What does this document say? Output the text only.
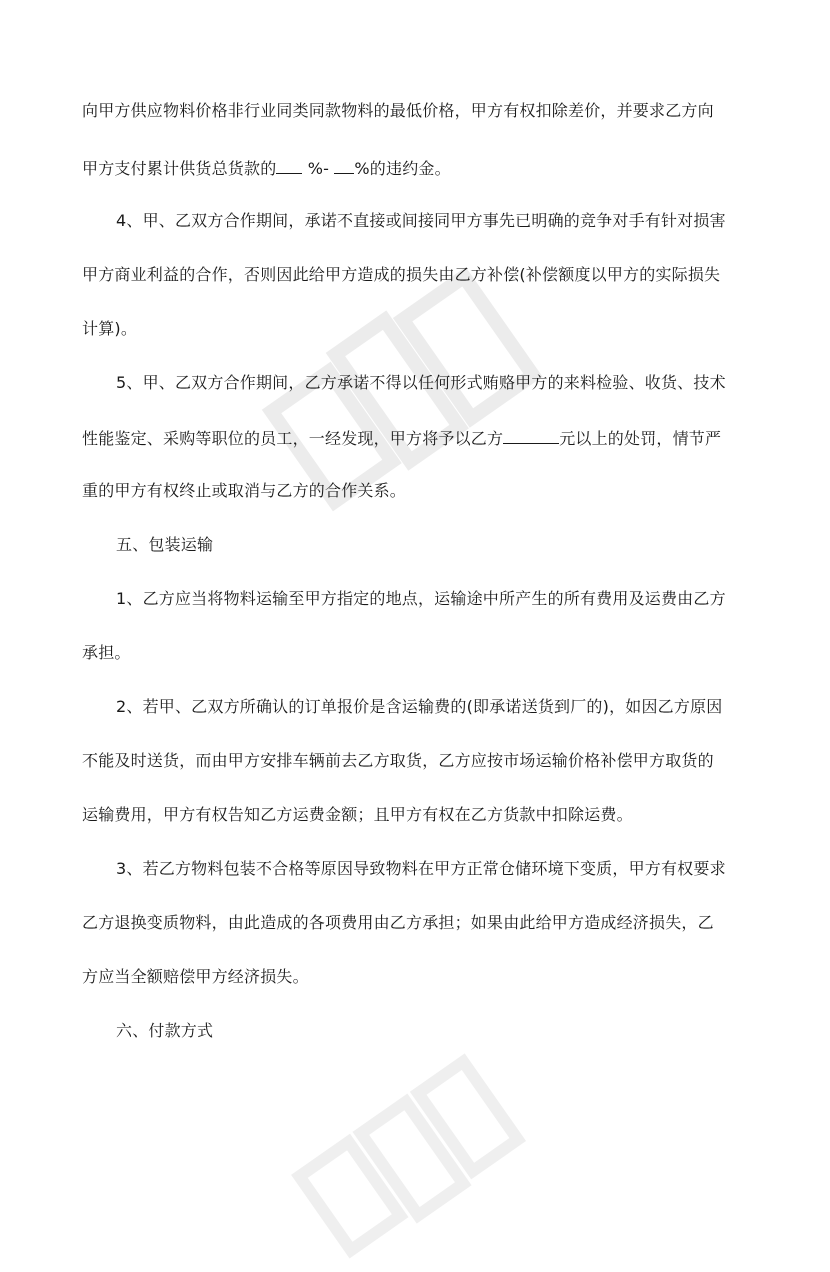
向甲方供应物料价格非行业同类同款物料的最低价格，甲方有权扣除差价，并要求乙方向
甲方支付累计供货总货款的 %- %的违约金。
4、甲、乙双方合作期间，承诺不直接或间接同甲方事先已明确的竞争对手有针对损害
甲方商业利益的合作，否则因此给甲方造成的损失由乙方补偿(补偿额度以甲方的实际损失
计算)。
5、甲、乙双方合作期间，乙方承诺不得以任何形式贿赂甲方的来料检验、收货、技术
性能鉴定、采购等职位的员工，一经发现，甲方将予以乙方	元以上的处罚，情节严
重的甲方有权终止或取消与乙方的合作关系。
五、包装运输
1、乙方应当将物料运输至甲方指定的地点，运输途中所产生的所有费用及运费由乙方
承担。
2、若甲、乙双方所确认的订单报价是含运输费的(即承诺送货到厂的)，如因乙方原因
不能及时送货，而由甲方安排车辆前去乙方取货，乙方应按市场运输价格补偿甲方取货的
运输费用，甲方有权告知乙方运费金额；且甲方有权在乙方货款中扣除运费。
3、若乙方物料包装不合格等原因导致物料在甲方正常仓储环境下变质，甲方有权要求
乙方退换变质物料，由此造成的各项费用由乙方承担；如果由此给甲方造成经济损失，乙
方应当全额赔偿甲方经济损失。
六、付款方式
